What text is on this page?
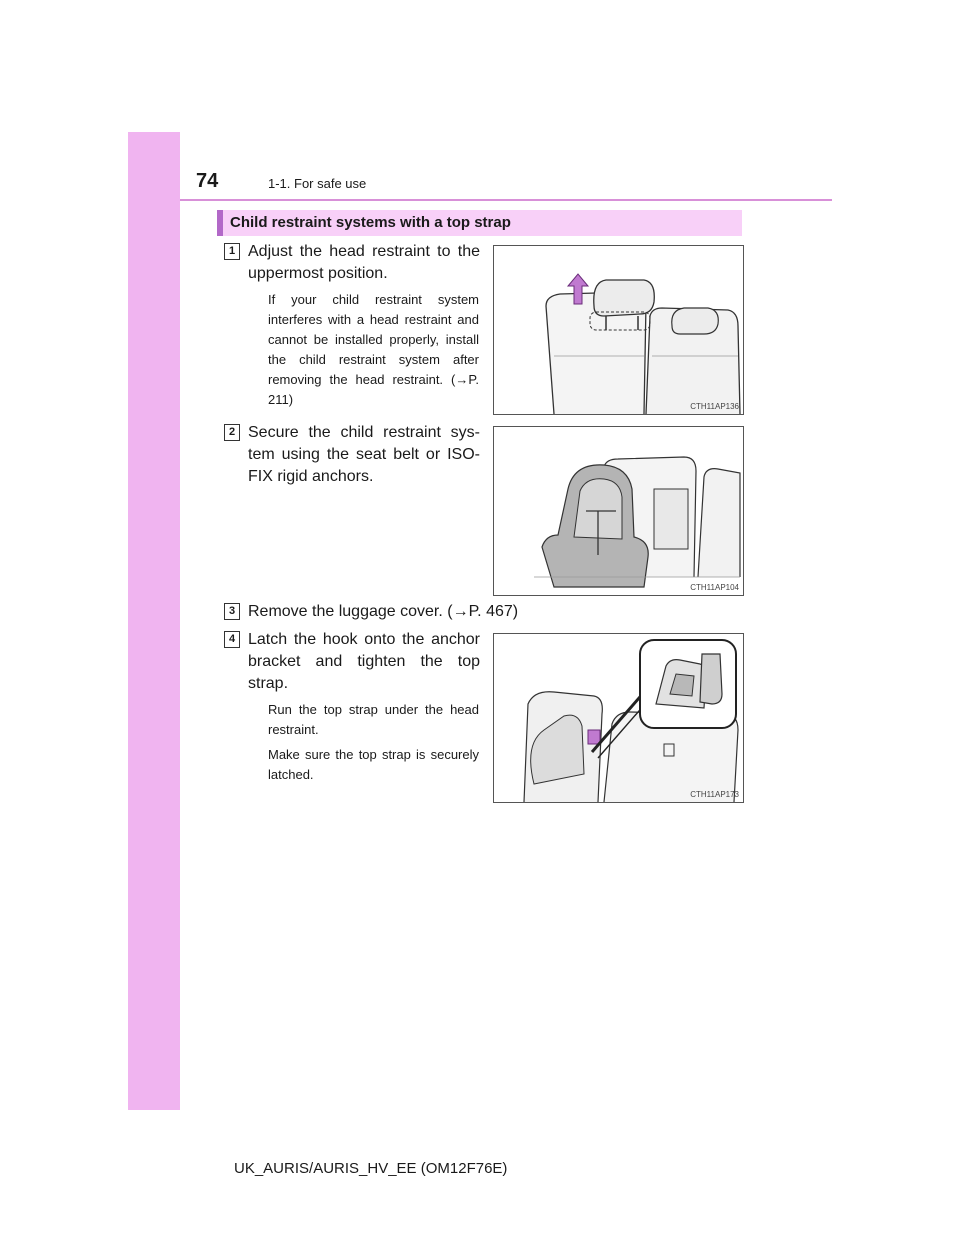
74	1-1. For safe use
Child restraint systems with a top strap
1 Adjust the head restraint to the uppermost position.
If your child restraint system interferes with a head restraint and cannot be installed properly, install the child restraint system after removing the head restraint. (→P. 211)	CTH11AP136
2 Secure the child restraint sys-tem using the seat belt or ISO-FIX rigid anchors.
CTH11AP104
3 Remove the luggage cover. (→P. 467)
4 Latch the hook onto the anchor bracket and tighten the top strap.
Run the top strap under the head restraint.
Make sure the top strap is securely latched.
CTH11AP173
UK_AURIS/AURIS_HV_EE (OM12F76E)
